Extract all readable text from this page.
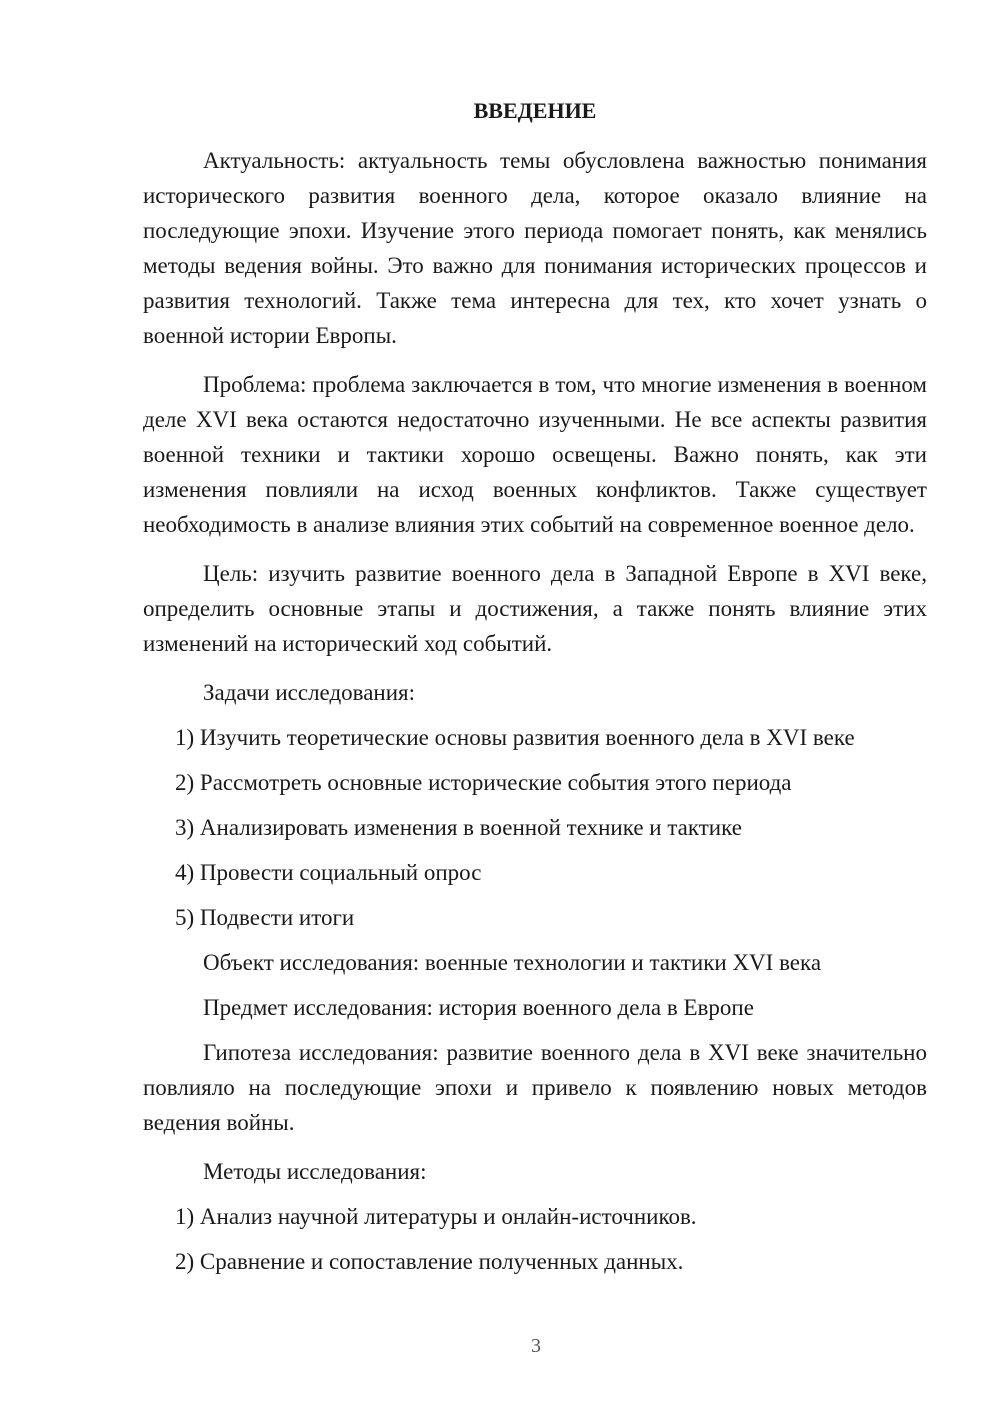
ВВЕДЕНИЕ

Актуальность: актуальность темы обусловлена важностью понимания исторического развития военного дела, которое оказало влияние на последующие эпохи. Изучение этого периода помогает понять, как менялись методы ведения войны. Это важно для понимания исторических процессов и развития технологий. Также тема интересна для тех, кто хочет узнать о военной истории Европы.

Проблема: проблема заключается в том, что многие изменения в военном деле XVI века остаются недостаточно изученными. Не все аспекты развития военной техники и тактики хорошо освещены. Важно понять, как эти изменения повлияли на исход военных конфликтов. Также существует необходимость в анализе влияния этих событий на современное военное дело.

Цель: изучить развитие военного дела в Западной Европе в XVI веке, определить основные этапы и достижения, а также понять влияние этих изменений на исторический ход событий.

Задачи исследования:
1) Изучить теоретические основы развития военного дела в XVI веке
2) Рассмотреть основные исторические события этого периода
3) Анализировать изменения в военной технике и тактике
4) Провести социальный опрос
5) Подвести итоги
Объект исследования: военные технологии и тактики XVI века
Предмет исследования: история военного дела в Европе

Гипотеза исследования: развитие военного дела в XVI веке значительно повлияло на последующие эпохи и привело к появлению новых методов ведения войны.

Методы исследования:
1) Анализ научной литературы и онлайн-источников.
2) Сравнение и сопоставление полученных данных.
3
